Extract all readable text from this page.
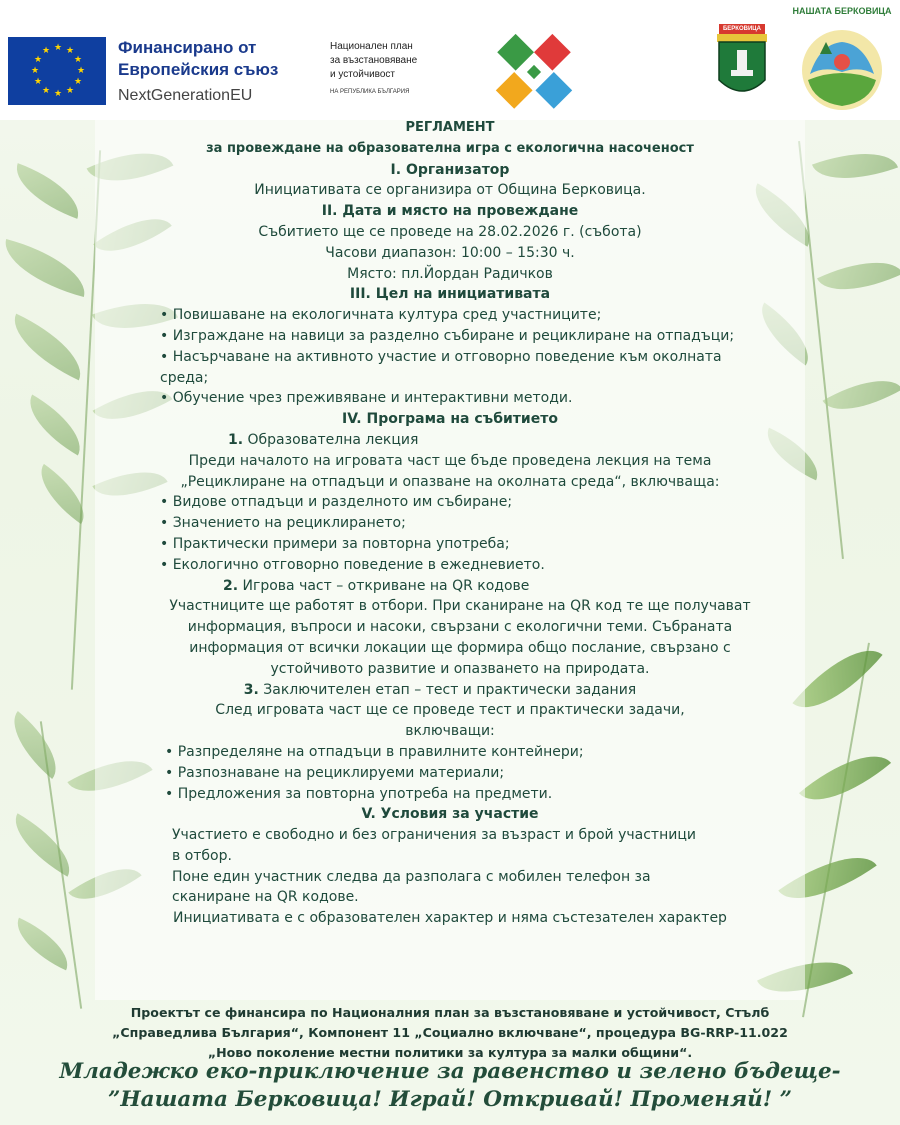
★ ★
★
★
★
★
★
★
★
★
★
★	Финансирано от
Европейския съюз
NextGenerationEU
Национален план
за възстановяване
и устойчивост
НА РЕПУБЛИКА БЪЛГАРИЯ
БЕРКОВИЦА
НАШАТА БЕРКОВИЦА

РЕГЛАМЕНТ

за провеждане на образователна игра с екологична насоченост

I. Организатор

Инициативата се организира от Община Берковица.

II. Дата и място на провеждане

Събитието ще се проведе на 28.02.2026 г. (събота)

Часови диапазон: 10:00 – 15:30 ч.

Място: пл.Йордан Радичков

III. Цел на инициативата

• Повишаване на екологичната култура сред участниците;

• Изграждане на навици за разделно събиране и рециклиране на отпадъци;

• Насърчаване на активното участие и отговорно поведение към околната среда;

• Обучение чрез преживяване и интерактивни методи.

IV. Програма на събитието

1. Образователна лекция

Преди началото на игровата част ще бъде проведена лекция на тема „Рециклиране на отпадъци и опазване на околната среда“, включваща:

• Видове отпадъци и разделното им събиране;

• Значението на рециклирането;

• Практически примери за повторна употреба;

• Екологично отговорно поведение в ежедневието.

2. Игрова част – откриване на QR кодове

Участниците ще работят в отбори. При сканиране на QR код те ще получават информация, въпроси и насоки, свързани с екологични теми. Събраната информация от всички локации ще формира общо послание, свързано с устойчивото развитие и опазването на природата.

3. Заключителен етап – тест и практически задания

След игровата част ще се проведе тест и практически задачи, включващи:

• Разпределяне на отпадъци в правилните контейнери;

• Разпознаване на рециклируеми материали;

• Предложения за повторна употреба на предмети.

V. Условия за участие

Участието е свободно и без ограничения за възраст и брой участници в отбор.

Поне един участник следва да разполага с мобилен телефон за сканиране на QR кодове.

Инициативата е с образователен характер и няма състезателен характер

Проектът се финансира по Националния план за възстановяване и устойчивост, Стълб
„Справедлива България“, Компонент 11 „Социално включване“, процедура BG-RRP-11.022
„Ново поколение местни политики за култура за малки общини“.
Младежко еко-приключение за равенство и зелено бъдеще-
”Нашата Берковица! Играй! Откривай! Променяй! ”
